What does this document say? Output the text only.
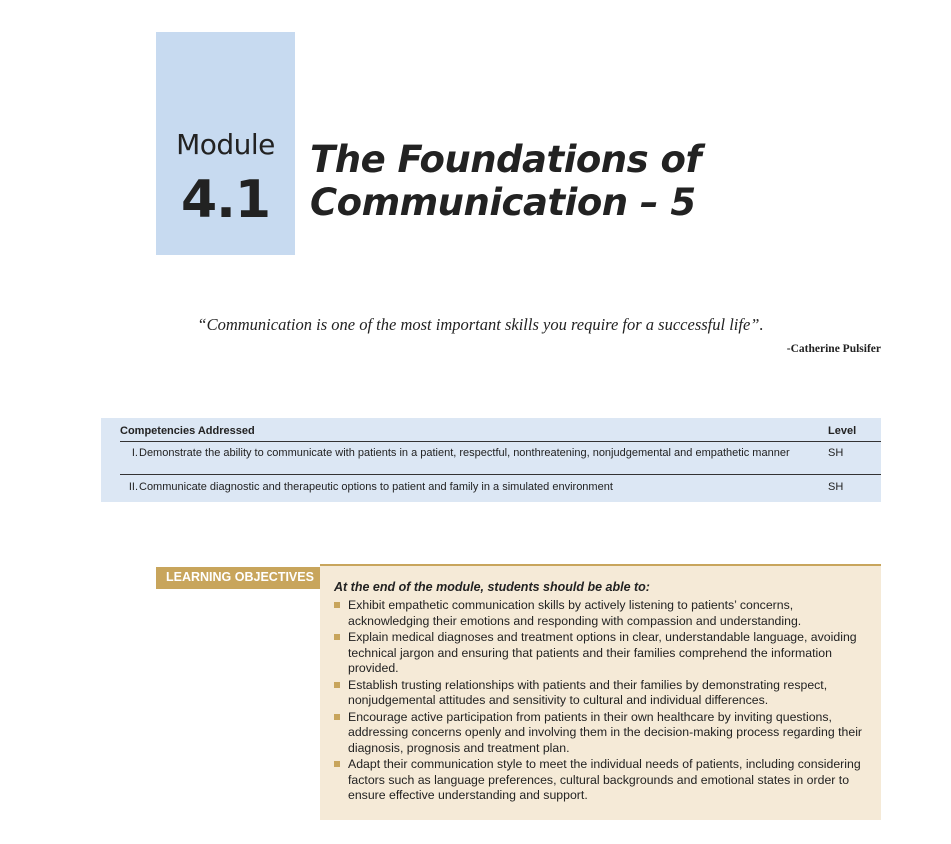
Module
4.1
The Foundations of
Communication – 5
“Communication is one of the most important skills you require for a successful life”.
-Catherine Pulsifer
Competencies Addressed	Level
I. Demonstrate the ability to communicate with patients in a patient, respectful, nonthreatening, nonjudgemental and empathetic manner	SH
II. Communicate diagnostic and therapeutic options to patient and family in a simulated environment	SH
LEARNING OBJECTIVES
At the end of the module, students should be able to:
Exhibit empathetic communication skills by actively listening to patients’ concerns, acknowledging their emotions and responding with compassion and understanding.
Explain medical diagnoses and treatment options in clear, understandable language, avoiding technical jargon and ensuring that patients and their families comprehend the information provided.
Establish trusting relationships with patients and their families by demonstrating respect, nonjudgemental attitudes and sensitivity to cultural and individual differences.
Encourage active participation from patients in their own healthcare by inviting questions, addressing concerns openly and involving them in the decision-making process regarding their diagnosis, prognosis and treatment plan.
Adapt their communication style to meet the individual needs of patients, including considering factors such as language preferences, cultural backgrounds and emotional states in order to ensure effective understanding and support.
